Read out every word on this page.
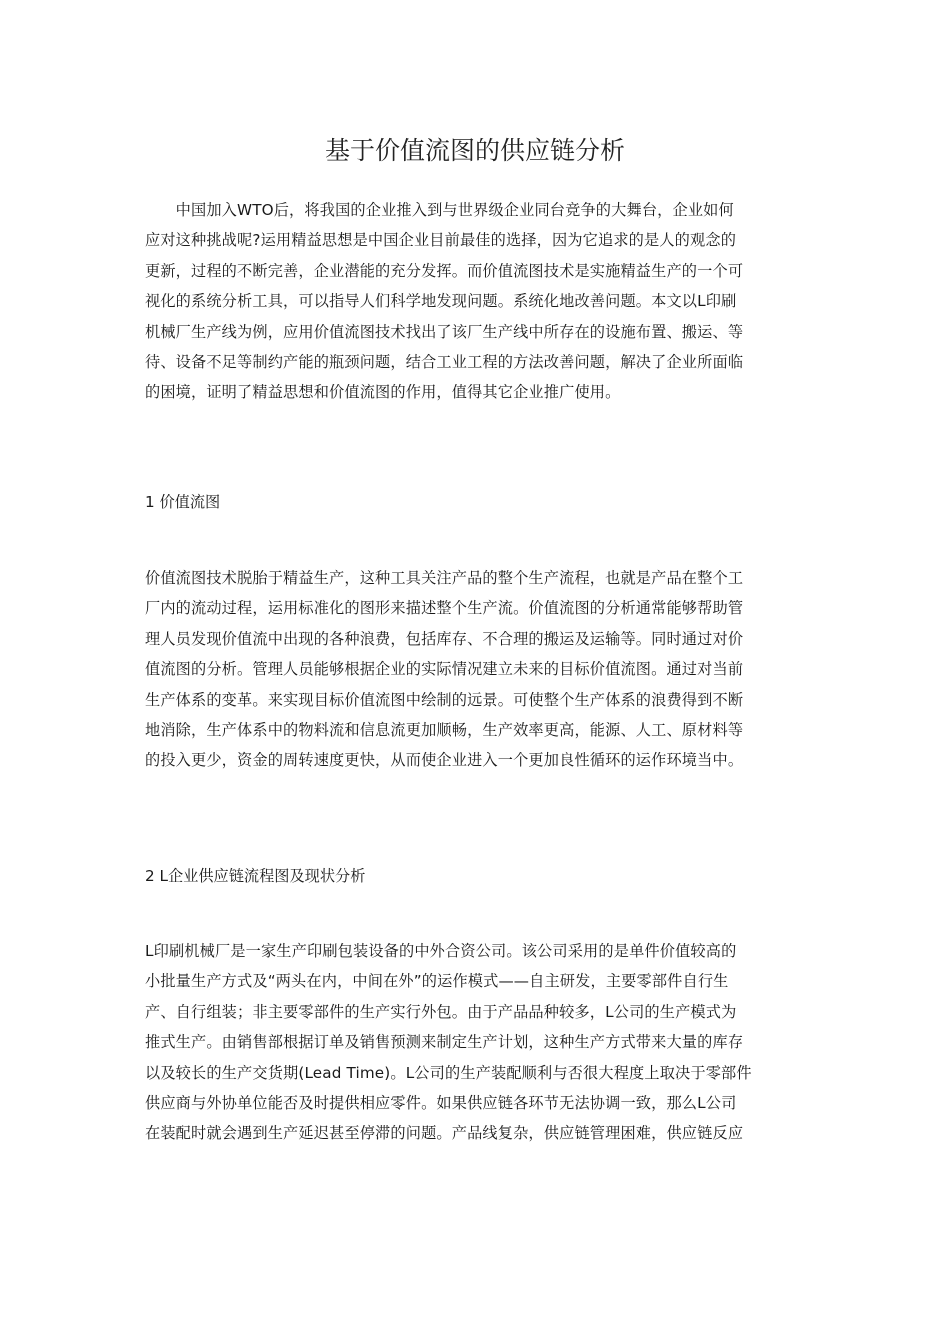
基于价值流图的供应链分析
　　中国加入WTO后，将我国的企业推入到与世界级企业同台竞争的大舞台，企业如何
应对这种挑战呢?运用精益思想是中国企业目前最佳的选择，因为它追求的是人的观念的
更新，过程的不断完善，企业潜能的充分发挥。而价值流图技术是实施精益生产的一个可
视化的系统分析工具，可以指导人们科学地发现问题。系统化地改善问题。本文以L印刷
机械厂生产线为例，应用价值流图技术找出了该厂生产线中所存在的设施布置、搬运、等
待、设备不足等制约产能的瓶颈问题，结合工业工程的方法改善问题，解决了企业所面临
的困境，证明了精益思想和价值流图的作用，值得其它企业推广使用。
1 价值流图
价值流图技术脱胎于精益生产，这种工具关注产品的整个生产流程，也就是产品在整个工
厂内的流动过程，运用标准化的图形来描述整个生产流。价值流图的分析通常能够帮助管
理人员发现价值流中出现的各种浪费，包括库存、不合理的搬运及运输等。同时通过对价
值流图的分析。管理人员能够根据企业的实际情况建立未来的目标价值流图。通过对当前
生产体系的变革。来实现目标价值流图中绘制的远景。可使整个生产体系的浪费得到不断
地消除，生产体系中的物料流和信息流更加顺畅，生产效率更高，能源、人工、原材料等
的投入更少，资金的周转速度更快，从而使企业进入一个更加良性循环的运作环境当中。
2 L企业供应链流程图及现状分析
L印刷机械厂是一家生产印刷包装设备的中外合资公司。该公司采用的是单件价值较高的
小批量生产方式及“两头在内，中间在外”的运作模式——自主研发，主要零部件自行生
产、自行组装；非主要零部件的生产实行外包。由于产品品种较多，L公司的生产模式为
推式生产。由销售部根据订单及销售预测来制定生产计划，这种生产方式带来大量的库存
以及较长的生产交货期(Lead Time)。L公司的生产装配顺利与否很大程度上取决于零部件
供应商与外协单位能否及时提供相应零件。如果供应链各环节无法协调一致，那么L公司
在装配时就会遇到生产延迟甚至停滞的问题。产品线复杂，供应链管理困难，供应链反应
